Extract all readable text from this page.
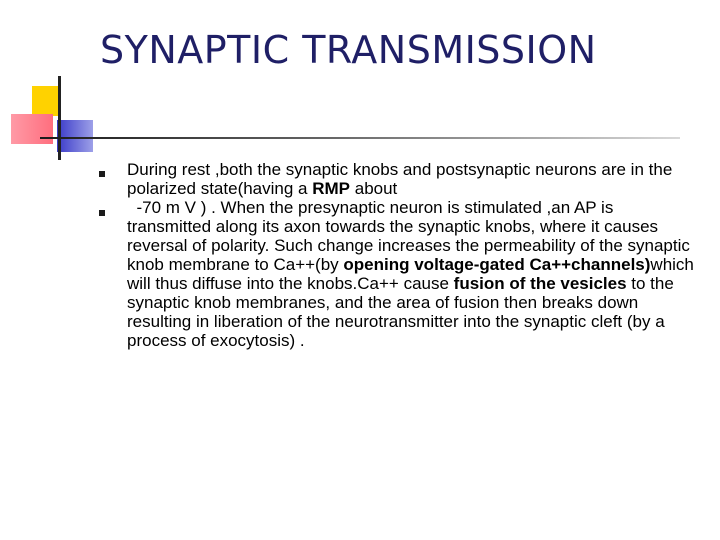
SYNAPTIC TRANSMISSION

During rest ,both the synaptic knobs and postsynaptic neurons are in the polarized state(having a RMP about

-70 m V ) . When the presynaptic neuron is stimulated ,an AP is transmitted along its axon towards the synaptic knobs, where it causes reversal of polarity. Such change increases the permeability of the synaptic knob membrane to Ca++(by opening voltage-gated Ca++channels)which will thus diffuse into the knobs.Ca++ cause fusion of the vesicles to the synaptic knob membranes, and the area of fusion then breaks down resulting in liberation of the neurotransmitter into the synaptic cleft (by a process of exocytosis) .
